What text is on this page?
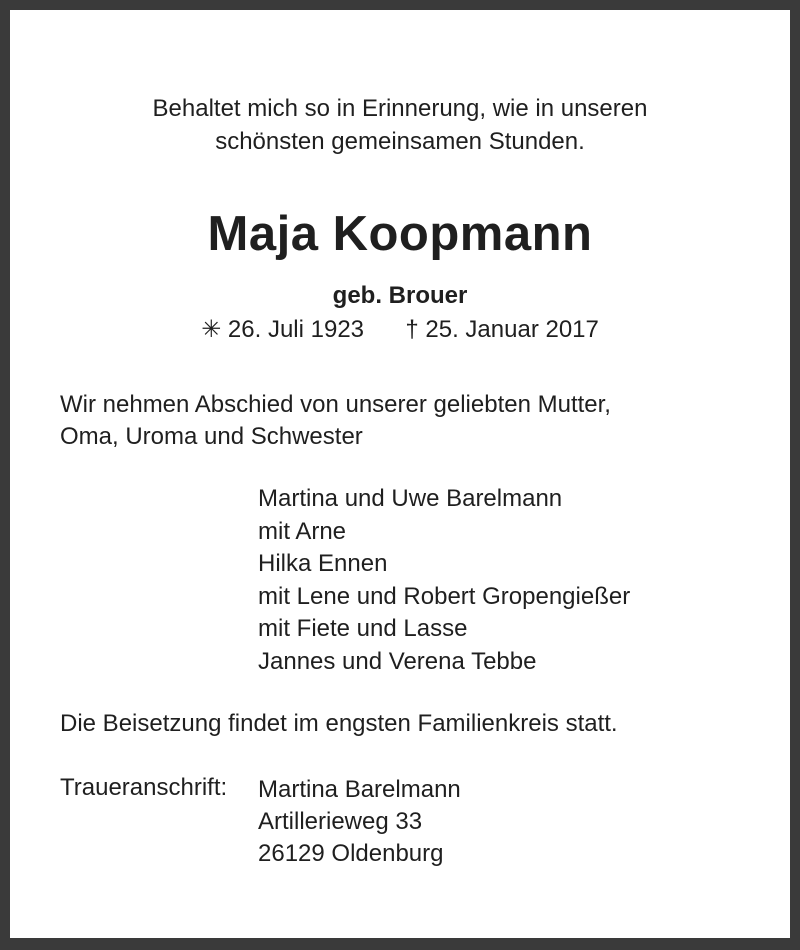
Behaltet mich so in Erinnerung, wie in unseren
schönsten gemeinsamen Stunden.
Maja Koopmann
geb. Brouer
✳ 26. Juli 1923 † 25. Januar 2017
Wir nehmen Abschied von unserer geliebten Mutter,
Oma, Uroma und Schwester
Martina und Uwe Barelmann
mit Arne
Hilka Ennen
mit Lene und Robert Gropengießer
mit Fiete und Lasse
Jannes und Verena Tebbe
Die Beisetzung findet im engsten Familienkreis statt.
Traueranschrift: Martina Barelmann
Artillerieweg 33
26129 Oldenburg
